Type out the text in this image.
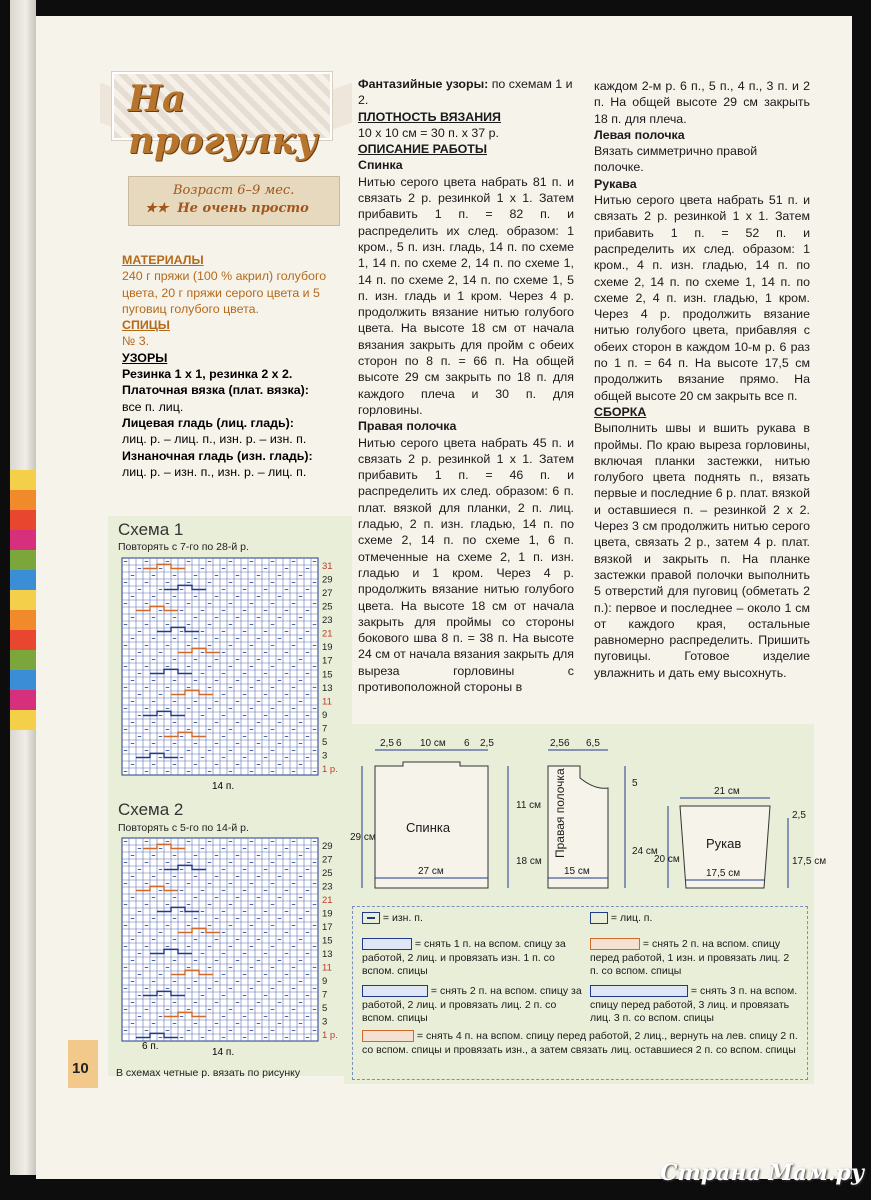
На прогулку
Возраст 6–9 мес.
★★ Не очень просто
МАТЕРИАЛЫ
240 г пряжи (100 % акрил) голубого цвета, 20 г пряжи серого цвета и 5 пуговиц голубого цвета.
СПИЦЫ
№ 3.
УЗОРЫ
Резинка 1 х 1, резинка 2 х 2.
Платочная вязка (плат. вязка):
все п. лиц.
Лицевая гладь (лиц. гладь):
лиц. р. – лиц. п., изн. р. – изн. п.
Изнаночная гладь (изн. гладь):
лиц. р. – изн. п., изн. р. – лиц. п.
Фантазийные узоры: по схемам 1 и 2.
ПЛОТНОСТЬ ВЯЗАНИЯ
10 х 10 см = 30 п. х 37 р.
ОПИСАНИЕ РАБОТЫ
Спинка
Нитью серого цвета набрать 81 п. и связать 2 р. резинкой 1 х 1. Затем прибавить 1 п. = 82 п. и распределить их след. образом: 1 кром., 5 п. изн. гладь, 14 п. по схеме 1, 14 п. по схеме 2, 14 п. по схеме 1, 14 п. по схеме 2, 14 п. по схеме 1, 5 п. изн. гладь и 1 кром. Через 4 р. продолжить вязание нитью голубого цвета. На высоте 18 см от начала вязания закрыть для пройм с обеих сторон по 8 п. = 66 п. На общей высоте 29 см закрыть по 18 п. для каждого плеча и 30 п. для горловины.
Правая полочка
Нитью серого цвета набрать 45 п. и связать 2 р. резинкой 1 х 1. Затем прибавить 1 п. = 46 п. и распределить их след. образом: 6 п. плат. вязкой для планки, 2 п. лиц. гладью, 2 п. изн. гладью, 14 п. по схеме 2, 14 п. по схеме 1, 6 п. отмеченные на схеме 2, 1 п. изн. гладью и 1 кром. Через 4 р. продолжить вязание нитью голубого цвета. На высоте 18 см от начала закрыть для проймы со стороны бокового шва 8 п. = 38 п. На высоте 24 см от начала вязания закрыть для выреза горловины с противоположной стороны в
каждом 2-м р. 6 п., 5 п., 4 п., 3 п. и 2 п. На общей высоте 29 см закрыть 18 п. для плеча.
Левая полочка
Вязать симметрично правой полочке.
Рукава
Нитью серого цвета набрать 51 п. и связать 2 р. резинкой 1 х 1. Затем прибавить 1 п. = 52 п. и распределить их след. образом: 1 кром., 4 п. изн. гладью, 14 п. по схеме 2, 14 п. по схеме 1, 14 п. по схеме 2, 4 п. изн. гладью, 1 кром. Через 4 р. продолжить вязание нитью голубого цвета, прибавляя с обеих сторон в каждом 10-м р. 6 раз по 1 п. = 64 п. На высоте 17,5 см продолжить вязание прямо. На общей высоте 20 см закрыть все п.
СБОРКА
Выполнить швы и вшить рукава в проймы. По краю выреза горловины, включая планки застежки, нитью голубого цвета поднять п., вязать первые и последние 6 р. плат. вязкой и оставшиеся п. – резинкой 2 х 2. Через 3 см продолжить нитью серого цвета, связать 2 р., затем 4 р. плат. вязкой и закрыть п. На планке застежки правой полочки выполнить 5 отверстий для пуговиц (обметать 2 п.): первое и последнее – около 1 см от каждого края, остальные равномерно распределить. Пришить пуговицы. Готовое изделие увлажнить и дать ему высохнуть.
Схема 1
Повторять с 7-го по 28-й р.
31
29
27
25
23
21
19
17
15
13
11
9
7
5
3
1 р.
14 п.
Схема 2
Повторять с 5-го по 14-й р.
29
27
25
23
21
19
17
15
13
11
9
7
5
3
1 р.
14 п.
6 п.
В схемах четные р. вязать по рисунку
2,5 6 10 см 6 2,5
Спинка
11 см
18 см
29 см
27 см
2,5 6 6,5
Правая полочка	5
24 см
15 см
21 см
Рукав
20 см
2,5
17,5 см
17,5 см
= изн. п.	= лиц. п.
= снять 1 п. на вспом. спицу за работой, 2 лиц. и провязать изн. 1 п. со вспом. спицы
= снять 2 п. на вспом. спицу перед работой, 1 изн. и провязать лиц. 2 п. со вспом. спицы
= снять 2 п. на вспом. спицу за работой, 2 лиц. и провязать лиц. 2 п. со вспом. спицы
= снять 3 п. на вспом. спицу перед работой, 3 лиц. и провязать лиц. 3 п. со вспом. спицы
= снять 4 п. на вспом. спицу перед работой, 2 лиц., вернуть на лев. спицу 2 п. со вспом. спицы и провязать изн., а затем связать лиц. оставшиеся 2 п. со вспом. спицы
10
Страна Мам.ру
